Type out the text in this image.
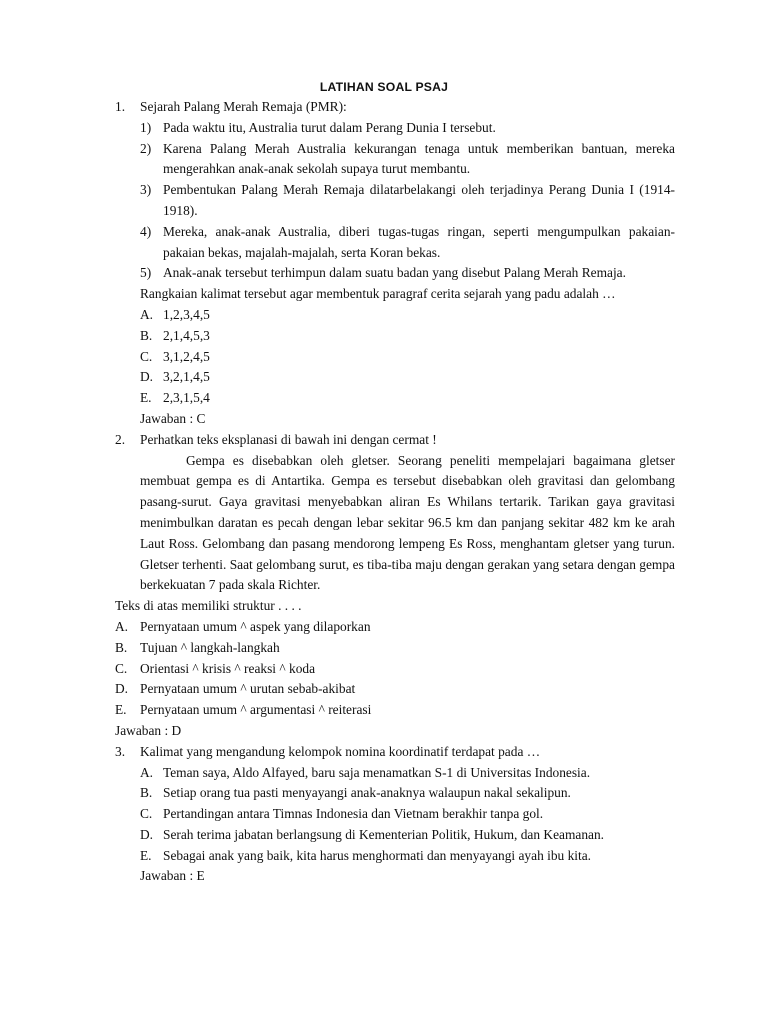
LATIHAN SOAL PSAJ
1. Sejarah Palang Merah Remaja (PMR):
1) Pada waktu itu, Australia turut dalam Perang Dunia I tersebut.
2) Karena Palang Merah Australia kekurangan tenaga untuk memberikan bantuan, mereka mengerahkan anak-anak sekolah supaya turut membantu.
3) Pembentukan Palang Merah Remaja dilatarbelakangi oleh terjadinya Perang Dunia I (1914-1918).
4) Mereka, anak-anak Australia, diberi tugas-tugas ringan, seperti mengumpulkan pakaian-pakaian bekas, majalah-majalah, serta Koran bekas.
5) Anak-anak tersebut terhimpun dalam suatu badan yang disebut Palang Merah Remaja.
Rangkaian kalimat tersebut agar membentuk paragraf cerita sejarah yang padu adalah …
A. 1,2,3,4,5
B. 2,1,4,5,3
C. 3,1,2,4,5
D. 3,2,1,4,5
E. 2,3,1,5,4
Jawaban : C
2. Perhatkan teks eksplanasi di bawah ini dengan cermat !
Gempa es disebabkan oleh gletser. Seorang peneliti mempelajari bagaimana gletser membuat gempa es di Antartika. Gempa es tersebut disebabkan oleh gravitasi dan gelombang pasang-surut. Gaya gravitasi menyebabkan aliran Es Whilans tertarik. Tarikan gaya gravitasi menimbulkan daratan es pecah dengan lebar sekitar 96.5 km dan panjang sekitar 482 km ke arah Laut Ross. Gelombang dan pasang mendorong lempeng Es Ross, menghantam gletser yang turun. Gletser terhenti. Saat gelombang surut, es tiba-tiba maju dengan gerakan yang setara dengan gempa berkekuatan 7 pada skala Richter.
Teks di atas memiliki struktur . . . .
A. Pernyataan umum ^ aspek yang dilaporkan
B. Tujuan ^ langkah-langkah
C. Orientasi ^ krisis ^ reaksi ^ koda
D. Pernyataan umum ^ urutan sebab-akibat
E. Pernyataan umum ^ argumentasi ^ reiterasi
Jawaban : D
3. Kalimat yang mengandung kelompok nomina koordinatif terdapat pada …
A. Teman saya, Aldo Alfayed, baru saja menamatkan S-1 di Universitas Indonesia.
B. Setiap orang tua pasti menyayangi anak-anaknya walaupun nakal sekalipun.
C. Pertandingan antara Timnas Indonesia dan Vietnam berakhir tanpa gol.
D. Serah terima jabatan berlangsung di Kementerian Politik, Hukum, dan Keamanan.
E. Sebagai anak yang baik, kita harus menghormati dan menyayangi ayah ibu kita.
Jawaban : E
